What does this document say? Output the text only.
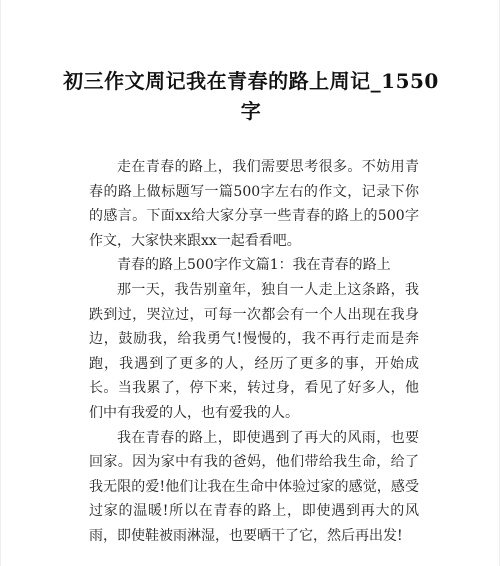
初三作文周记我在青春的路上周记_1550字

走在青春的路上，我们需要思考很多。不妨用青春的路上做标题写一篇500字左右的作文，记录下你的感言。下面xx给大家分享一些青春的路上的500字作文，大家快来跟xx一起看看吧。

青春的路上500字作文篇1：我在青春的路上

那一天，我告别童年，独自一人走上这条路，我跌到过，哭泣过，可每一次都会有一个人出现在我身边，鼓励我，给我勇气!慢慢的，我不再行走而是奔跑，我遇到了更多的人，经历了更多的事，开始成长。当我累了，停下来，转过身，看见了好多人，他们中有我爱的人，也有爱我的人。

我在青春的路上，即使遇到了再大的风雨，也要回家。因为家中有我的爸妈，他们带给我生命，给了我无限的爱!他们让我在生命中体验过家的感觉，感受过家的温暖!所以在青春的路上，即使遇到再大的风雨，即使鞋被雨淋湿，也要晒干了它，然后再出发!
